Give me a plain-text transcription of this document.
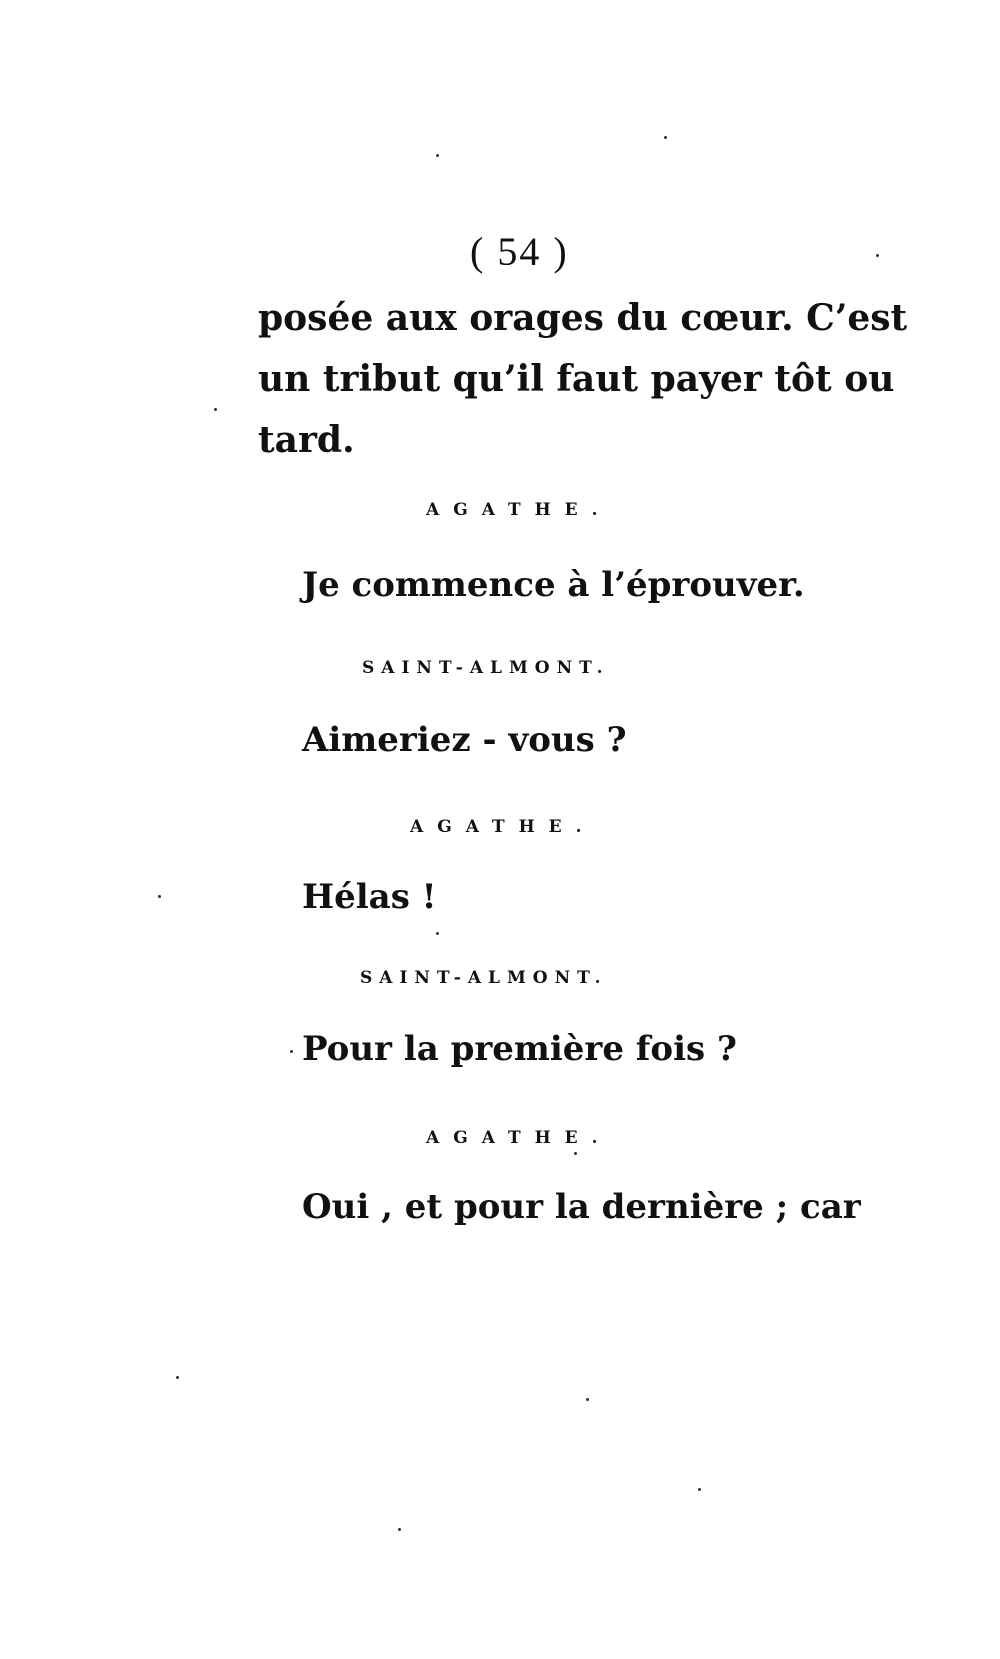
( 54 )
posée aux orages du cœur. C’est
un tribut qu’il faut payer tôt ou
tard.
AGATHE.
Je commence à l’éprouver.
SAINT-ALMONT.
Aimeriez - vous ?
AGATHE.
Hélas !
SAINT-ALMONT.
Pour la première fois ?
AGATHE.
Oui , et pour la dernière ; car
